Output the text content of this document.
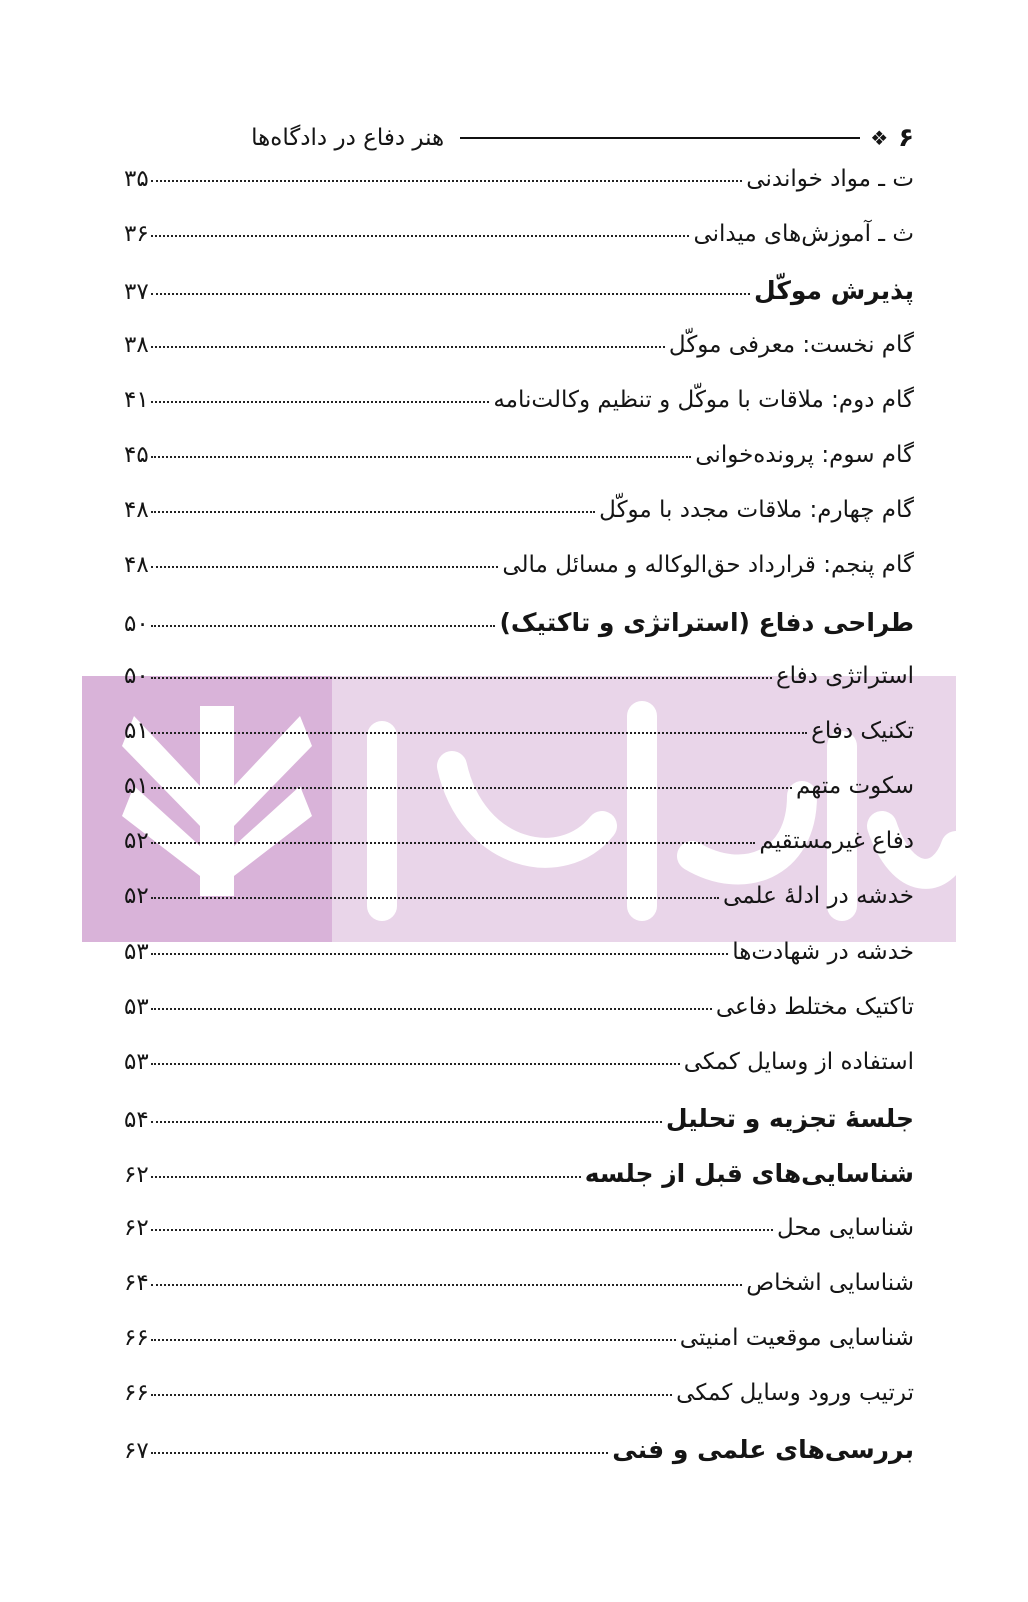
۶
❖
هنر دفاع در دادگاه‌ها
ت ـ مواد خواندنی
۳۵
ث ـ آموزش‌های میدانی
۳۶
پذیرش موکّل
۳۷
گام نخست: معرفی موکّل
۳۸
گام دوم: ملاقات با موکّل و تنظیم وکالت‌نامه
۴۱
گام سوم: پرونده‌خوانی
۴۵
گام چهارم: ملاقات مجدد با موکّل
۴۸
گام پنجم: قرارداد حق‌الوکاله و مسائل مالی
۴۸
طراحی دفاع (استراتژی و تاکتیک)
۵۰
استراتژی دفاع
۵۰
تکنیک دفاع
۵۱
سکوت متهم
۵۱
دفاع غیرمستقیم
۵۲
خدشه در ادلهٔ علمی
۵۲
خدشه در شهادت‌ها
۵۳
تاکتیک مختلط دفاعی
۵۳
استفاده از وسایل کمکی
۵۳
جلسهٔ تجزیه و تحلیل
۵۴
شناسایی‌های قبل از جلسه
۶۲
شناسایی محل
۶۲
شناسایی اشخاص
۶۴
شناسایی موقعیت امنیتی
۶۶
ترتیب ورود وسایل کمکی
۶۶
بررسی‌های علمی و فنی
۶۷
